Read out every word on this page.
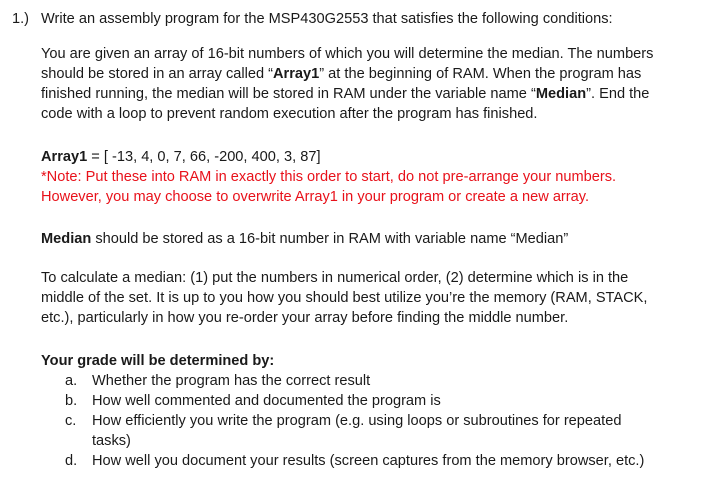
1.) Write an assembly program for the MSP430G2553 that satisfies the following conditions:
You are given an array of 16-bit numbers of which you will determine the median. The numbers
should be stored in an array called “Array1” at the beginning of RAM. When the program has
finished running, the median will be stored in RAM under the variable name “Median”. End the
code with a loop to prevent random execution after the program has finished.
Array1 = [ -13, 4, 0, 7, 66, -200, 400, 3, 87]
*Note: Put these into RAM in exactly this order to start, do not pre-arrange your numbers.
However, you may choose to overwrite Array1 in your program or create a new array.
Median should be stored as a 16-bit number in RAM with variable name “Median”
To calculate a median: (1) put the numbers in numerical order, (2) determine which is in the
middle of the set. It is up to you how you should best utilize you’re the memory (RAM, STACK,
etc.), particularly in how you re-order your array before finding the middle number.
Your grade will be determined by:
a. Whether the program has the correct result
b. How well commented and documented the program is
c. How efficiently you write the program (e.g. using loops or subroutines for repeated
tasks)
d. How well you document your results (screen captures from the memory browser, etc.)
